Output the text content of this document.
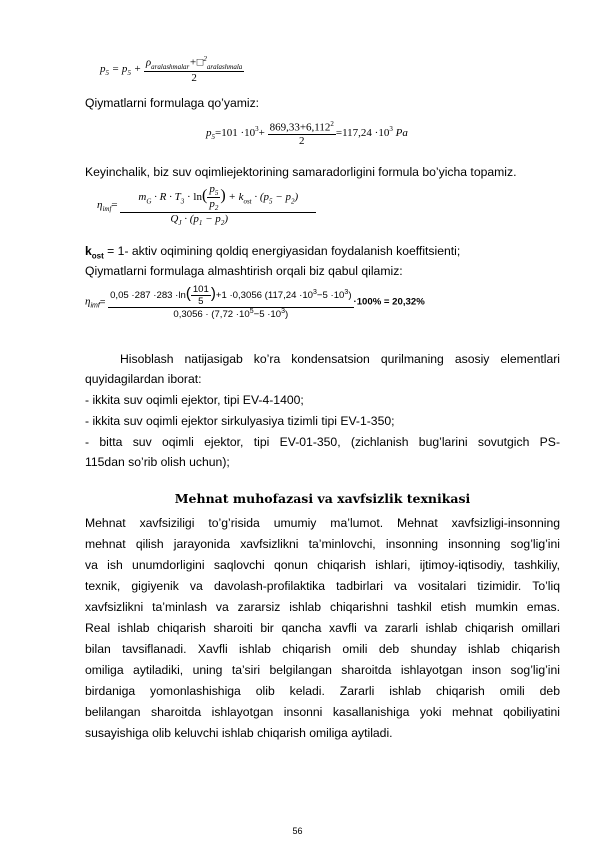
$p_5 = p_5 + \frac{\rho_{aralashmalar}+□^2_{aralashmala}}{2}$
Qiymatlarni formulaga qo’yamiz:
$p_5=101 \cdot 10^3+ \frac{869,33+6,112^2}{2} =117,24 \cdot 10^3$ Pa
Keyinchalik, biz suv oqimliejektorining samaradorligini formula bo’yicha topamiz.
$\eta_{imf}= \frac{m_G \cdot R \cdot T_3 \cdot \ln( \frac{p_5}{p_2} ) + k_{ost} \cdot (p_5 - p_2)}{Q_J \cdot (p_1 - p_2)}$
$k_{ost} = 1-$ aktiv oqimining qoldiq energiyasidan foydalanish koeffitsienti;
Qiymatlarni formulaga almashtirish orqali biz qabul qilamiz:
$\eta_{imf}= \frac{0,05 \cdot 287 \cdot 283 \cdot\ln( \frac{101}{5} )+1 \cdot 0,3056 (117,24 \cdot 10^3-5 \cdot 10^3)}{0,3056 \cdot (7,72 \cdot 10^5-5 \cdot 10^3)} \cdot 100\% = 20,32\%$
Hisoblash natijasigab ko’ra kondensatsion qurilmaning asosiy elementlari
quyidagilardan iborat:
- ikkita suv oqimli ejektor, tipi EV-4-1400;
- ikkita suv oqimli ejektor sirkulyasiya tizimli tipi EV-1-350;
- bitta suv oqimli ejektor, tipi EV-01-350, (zichlanish bug’larini sovutgich PS-
115dan so’rib olish uchun);
Mehnat muhofazasi va xavfsizlik texnikasi
Mehnat xavfsiziligi to’g’risida umumiy ma’lumot. Mehnat xavfsizligi-insonning
mehnat qilish jarayonida xavfsizlikni ta’minlovchi, insonning insonning sog’lig’ini
va ish unumdorligini saqlovchi qonun chiqarish ishlari, ijtimoy-iqtisodiy, tashkiliy,
texnik, gigiyenik va davolash-profilaktika tadbirlari va vositalari tizimidir. To’liq
xavfsizlikni ta’minlash va zararsiz ishlab chiqarishni tashkil etish mumkin emas.
Real ishlab chiqarish sharoiti bir qancha xavfli va zararli ishlab chiqarish omillari
bilan tavsiflanadi. Xavfli ishlab chiqarish omili deb shunday ishlab chiqarish
omiliga aytiladiki, uning ta’siri belgilangan sharoitda ishlayotgan inson sog’lig’ini
birdaniga yomonlashishiga olib keladi. Zararli ishlab chiqarish omili deb
belilangan sharoitda ishlayotgan insonni kasallanishiga yoki mehnat qobiliyatini
susayishiga olib keluvchi ishlab chiqarish omiliga aytiladi.
56
